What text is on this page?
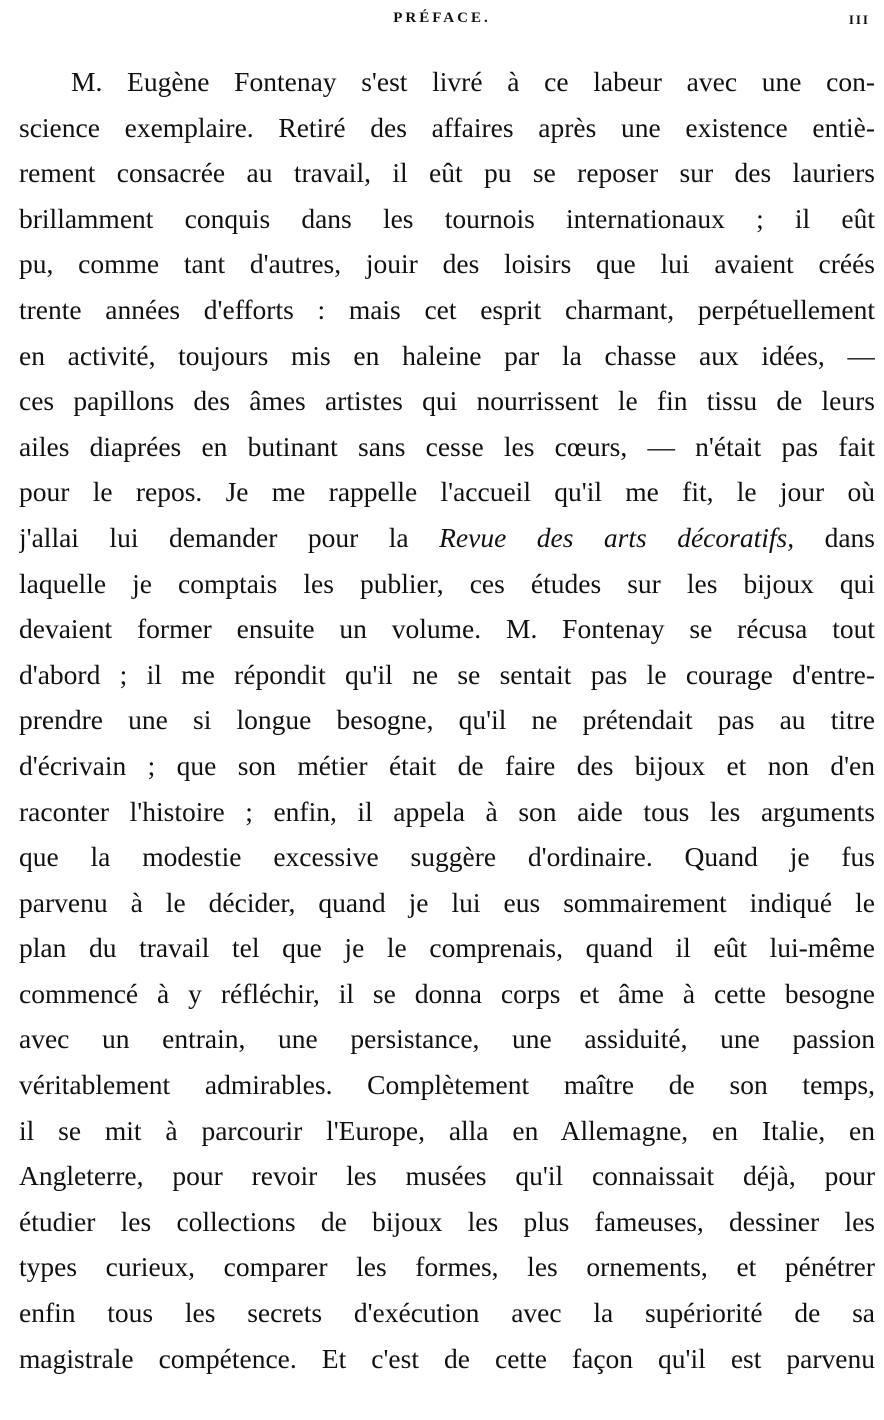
PRÉFACE.	III
M. Eugène Fontenay s'est livré à ce labeur avec une con-
science exemplaire. Retiré des affaires après une existence entiè-
rement consacrée au travail, il eût pu se reposer sur des lauriers
brillamment conquis dans les tournois internationaux ; il eût
pu, comme tant d'autres, jouir des loisirs que lui avaient créés
trente années d'efforts : mais cet esprit charmant, perpétuellement
en activité, toujours mis en haleine par la chasse aux idées, —
ces papillons des âmes artistes qui nourrissent le fin tissu de leurs
ailes diaprées en butinant sans cesse les cœurs, — n'était pas fait
pour le repos. Je me rappelle l'accueil qu'il me fit, le jour où
j'allai lui demander pour la Revue des arts décoratifs, dans
laquelle je comptais les publier, ces études sur les bijoux qui
devaient former ensuite un volume. M. Fontenay se récusa tout
d'abord ; il me répondit qu'il ne se sentait pas le courage d'entre-
prendre une si longue besogne, qu'il ne prétendait pas au titre
d'écrivain ; que son métier était de faire des bijoux et non d'en
raconter l'histoire ; enfin, il appela à son aide tous les arguments
que la modestie excessive suggère d'ordinaire. Quand je fus
parvenu à le décider, quand je lui eus sommairement indiqué le
plan du travail tel que je le comprenais, quand il eût lui-même
commencé à y réfléchir, il se donna corps et âme à cette besogne
avec un entrain, une persistance, une assiduité, une passion
véritablement admirables. Complètement maître de son temps,
il se mit à parcourir l'Europe, alla en Allemagne, en Italie, en
Angleterre, pour revoir les musées qu'il connaissait déjà, pour
étudier les collections de bijoux les plus fameuses, dessiner les
types curieux, comparer les formes, les ornements, et pénétrer
enfin tous les secrets d'exécution avec la supériorité de sa
magistrale compétence. Et c'est de cette façon qu'il est parvenu
